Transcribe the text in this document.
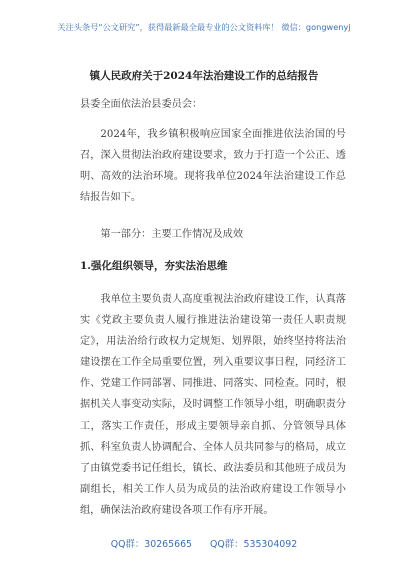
关注头条号“公文研究”，获得最新最全最专业的公文资料库！ 微信：gongwenyj
镇人民政府关于2024年法治建设工作的总结报告
县委全面依法治县委员会：
2024年，我乡镇积极响应国家全面推进依法治国的号召，深入贯彻法治政府建设要求，致力于打造一个公正、透明、高效的法治环境。现将我单位2024年法治建设工作总结报告如下。
第一部分：主要工作情况及成效
1.强化组织领导，夯实法治思维
我单位主要负责人高度重视法治政府建设工作，认真落实《党政主要负责人履行推进法治建设第一责任人职责规定》，用法治给行政权力定规矩、划界限，始终坚持将法治建设摆在工作全局重要位置，列入重要议事日程，同经济工作、党建工作同部署、同推进、同落实、同检查。同时，根据机关人事变动实际，及时调整工作领导小组，明确职责分工，落实工作责任，形成主要领导亲自抓、分管领导具体抓、科室负责人协调配合、全体人员共同参与的格局，成立了由镇党委书记任组长，镇长、政法委员和其他班子成员为副组长，相关工作人员为成员的法治政府建设工作领导小组，确保法治政府建设各项工作有序开展。
QQ群：30265665 QQ群：535304092
